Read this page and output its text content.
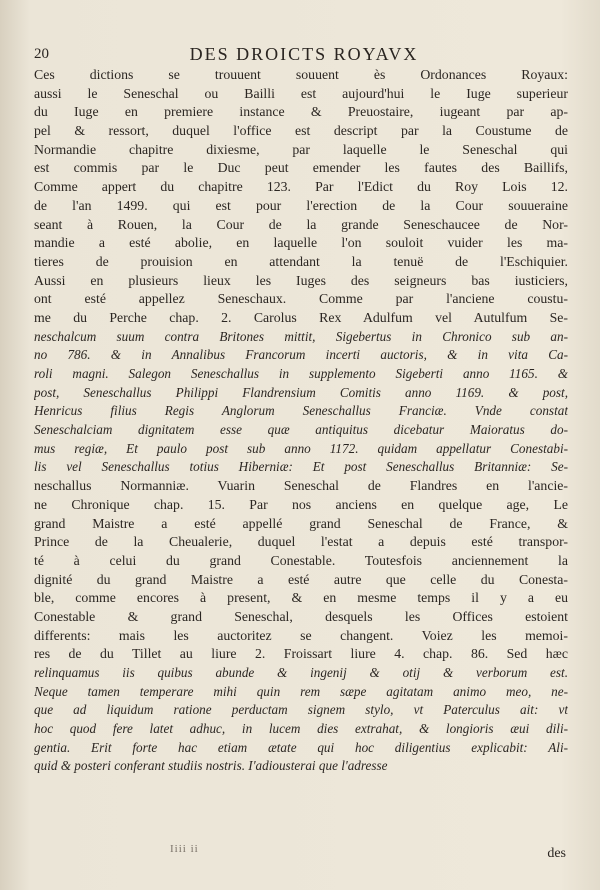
20	DES DROICTS ROYAVX
Ces dictions se trouuent souuent ès Ordonances Royaux:
aussi le Seneschal ou Bailli est aujourd'hui le Iuge superieur
du Iuge en premiere instance & Preuostaire, iugeant par ap-
pel & ressort, duquel l'office est descript par la Coustume de
Normandie chapitre dixiesme, par laquelle le Seneschal qui
est commis par le Duc peut emender les fautes des Baillifs,
Comme appert du chapitre 123. Par l'Edict du Roy Lois 12.
de l'an 1499. qui est pour l'erection de la Cour souueraine
seant à Rouen, la Cour de la grande Seneschaucee de Nor-
mandie a esté abolie, en laquelle l'on souloit vuider les ma-
tieres de prouision en attendant la tenuë de l'Eschiquier.
Aussi en plusieurs lieux les Iuges des seigneurs bas iusticiers,
ont esté appellez Seneschaux. Comme par l'anciene coustu-
me du Perche chap. 2. Carolus Rex Adulfum vel Autulfum Se-
neschalcum suum contra Britones mittit, Sigebertus in Chronico sub an-
no 786. & in Annalibus Francorum incerti auctoris, & in vita Ca-
roli magni. Salegon Seneschallus in supplemento Sigeberti anno 1165. &
post, Seneschallus Philippi Flandrensium Comitis anno 1169. & post,
Henricus filius Regis Anglorum Seneschallus Franciæ. Vnde constat
Seneschalciam dignitatem esse quæ antiquitus dicebatur Maioratus do-
mus regiæ, Et paulo post sub anno 1172. quidam appellatur Conestabi-
lis vel Seneschallus totius Hiberniæ: Et post Seneschallus Britanniæ: Se-
neschallus Normanniæ. Vuarin Seneschal de Flandres en l'ancie-
ne Chronique chap. 15. Par nos anciens en quelque age, Le
grand Maistre a esté appellé grand Seneschal de France, &
Prince de la Cheualerie, duquel l'estat a depuis esté transpor-
té à celui du grand Conestable. Toutesfois anciennement la
dignité du grand Maistre a esté autre que celle du Conesta-
ble, comme encores à present, & en mesme temps il y a eu
Conestable & grand Seneschal, desquels les Offices estoient
differents: mais les auctoritez se changent. Voiez les memoi-
res de du Tillet au liure 2. Froissart liure 4. chap. 86. Sed hæc
relinquamus iis quibus abunde & ingenij & otij & verborum est.
Neque tamen temperare mihi quin rem sæpe agitatam animo meo, ne-
que ad liquidum ratione perductam signem stylo, vt Paterculus ait: vt
hoc quod fere latet adhuc, in lucem dies extrahat, & longioris æui dili-
gentia. Erit forte hac etiam ætate qui hoc diligentius explicabit: Ali-
quid & posteri conferant studiis nostris. I'adiousterai que l'adresse
Iiii ii	des
